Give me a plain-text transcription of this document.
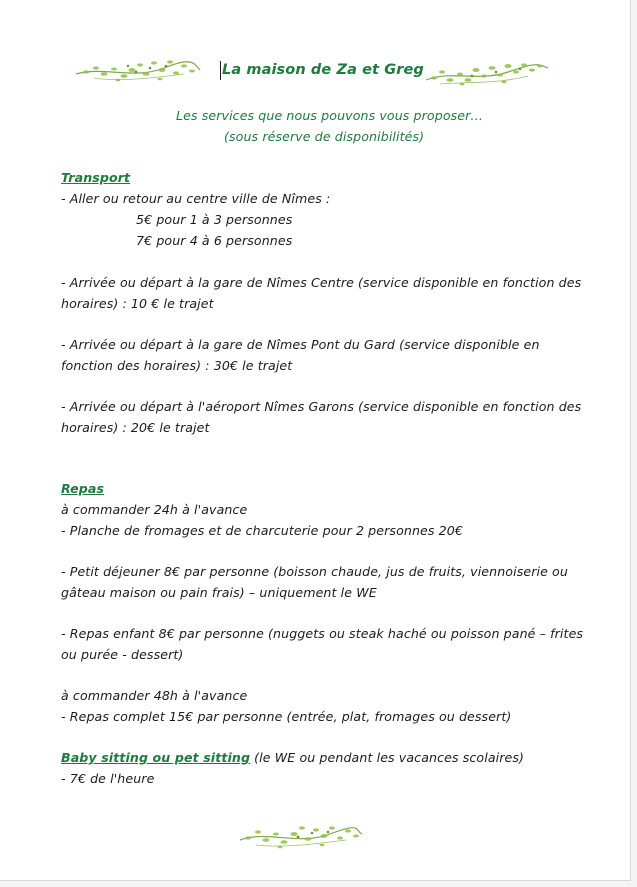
La maison de Za et Greg
Les services que nous pouvons vous proposer…
(sous réserve de disponibilités)
Transport
- Aller ou retour au centre ville de Nîmes :
5€ pour 1 à 3 personnes
7€ pour 4 à 6 personnes
- Arrivée ou départ à la gare de Nîmes Centre (service disponible en fonction des
horaires) : 10 € le trajet
- Arrivée ou départ à la gare de Nîmes Pont du Gard (service disponible en
fonction des horaires) : 30€ le trajet
- Arrivée ou départ à l'aéroport Nîmes Garons (service disponible en fonction des
horaires) : 20€ le trajet
Repas
à commander 24h à l'avance
- Planche de fromages et de charcuterie pour 2 personnes 20€
- Petit déjeuner 8€ par personne (boisson chaude, jus de fruits, viennoiserie ou
gâteau maison ou pain frais) – uniquement le WE
- Repas enfant 8€ par personne (nuggets ou steak haché ou poisson pané – frites
ou purée - dessert)
à commander 48h à l'avance
- Repas complet 15€ par personne (entrée, plat, fromages ou dessert)
Baby sitting ou pet sitting (le WE ou pendant les vacances scolaires)
- 7€ de l'heure
